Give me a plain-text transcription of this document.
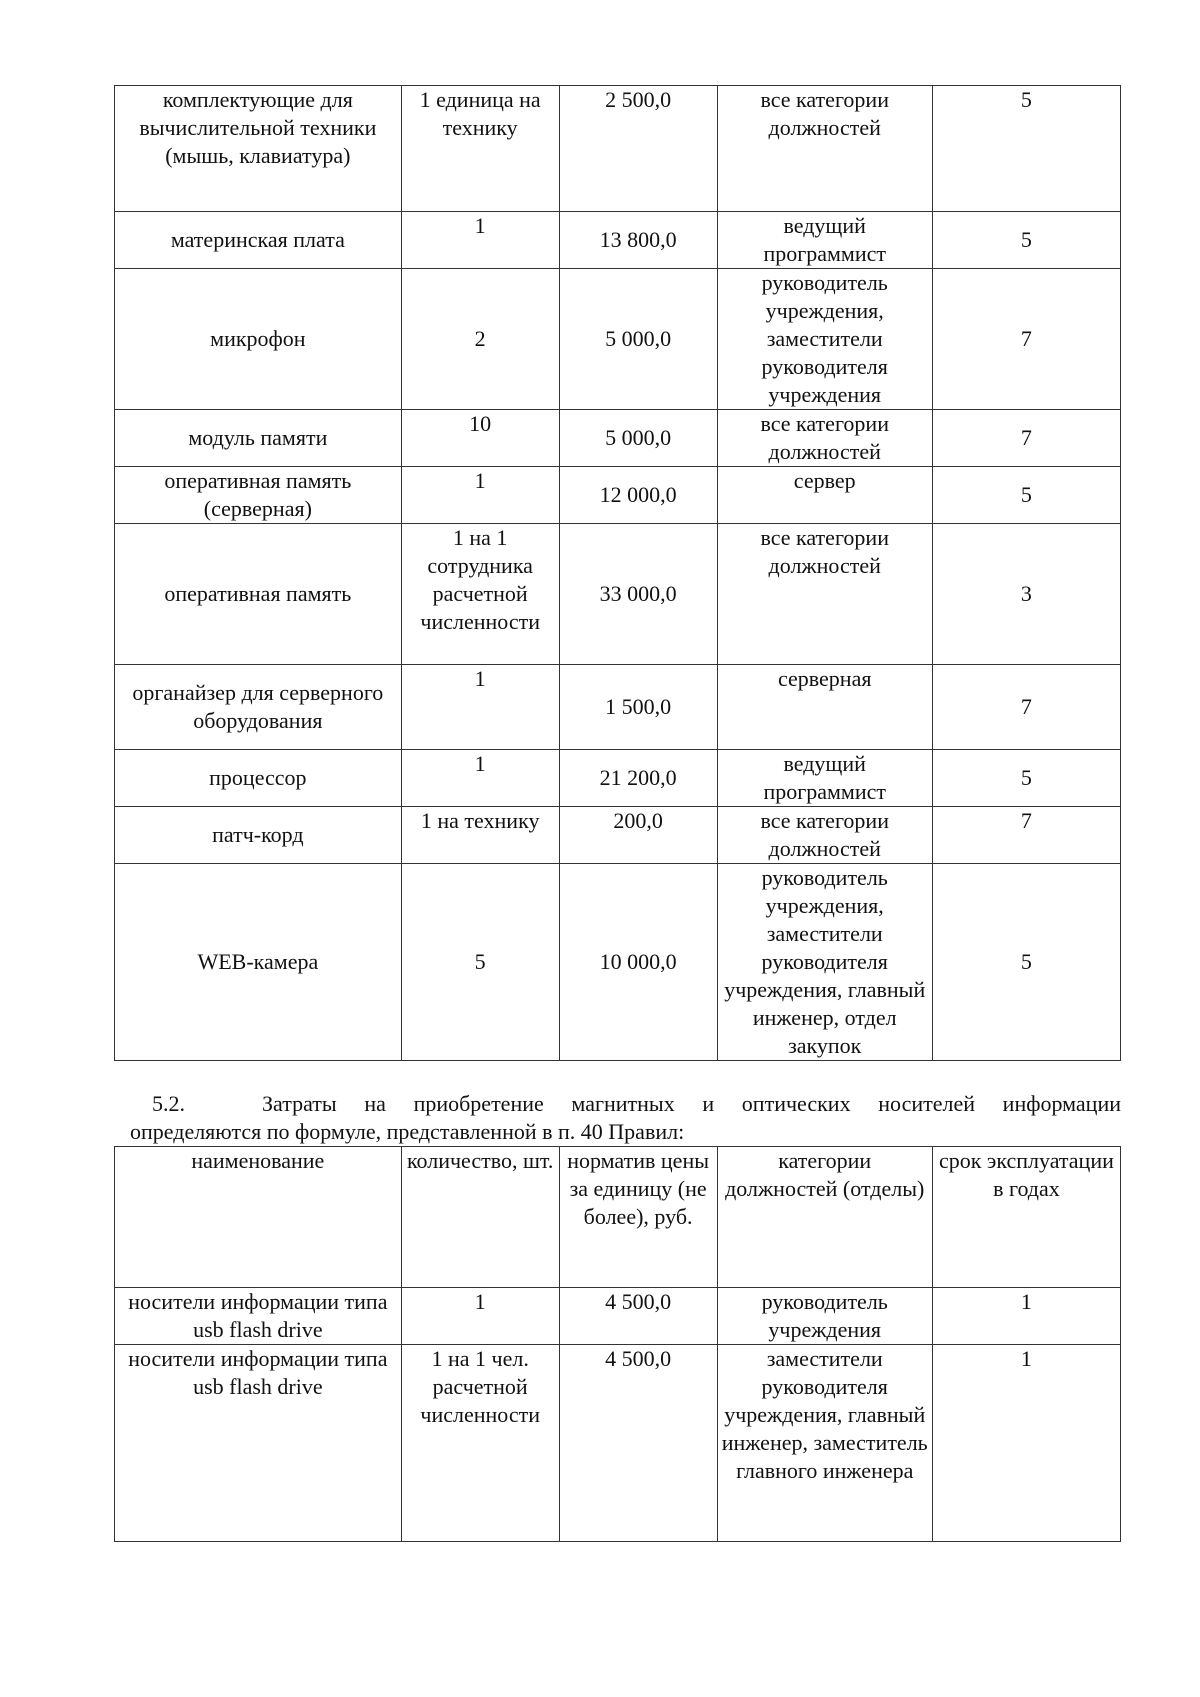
комплектующие для вычислительной техники (мышь, клавиатура)	1 единица на технику	2 500,0	все категории должностей	5
материнская плата	1	13 800,0	ведущий программист	5
микрофон	2	5 000,0	руководитель учреждения, заместители руководителя учреждения	7
модуль памяти	10	5 000,0	все категории должностей	7
оперативная память (серверная)	1	12 000,0	сервер	5
оперативная память	1 на 1 сотрудника расчетной численности	33 000,0	все категории должностей	3
органайзер для серверного оборудования	1	1 500,0	серверная	7
процессор	1	21 200,0	ведущий программист	5
патч-корд	1 на технику	200,0	все категории должностей	7
WEB-камера	5	10 000,0	руководитель учреждения, заместители руководителя учреждения, главный инженер, отдел закупок	5
5.2.	Затраты на приобретение магнитных и оптических носителей информации
определяются по формуле, представленной в п. 40 Правил:
наименование	количество, шт.	норматив цены за единицу (не более), руб.	категории должностей (отделы)	срок эксплуатации в годах
носители информации типа usb flash drive	1	4 500,0	руководитель учреждения	1
носители информации типа usb flash drive	1 на 1 чел. расчетной численности	4 500,0	заместители руководителя учреждения, главный инженер, заместитель главного инженера	1
